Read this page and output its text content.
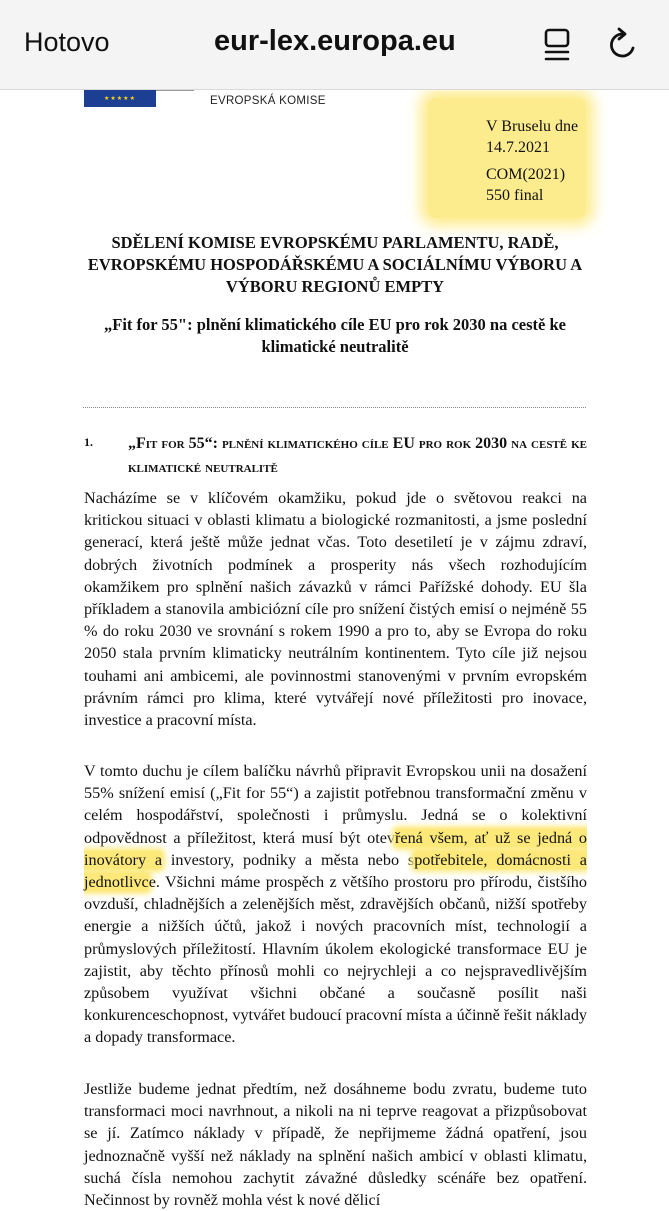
Hotovo	eur-lex.europa.eu
★★★★★	EVROPSKÁ KOMISE
V Bruselu dne
14.7.2021
COM(2021)
550 final
SDĚLENÍ KOMISE EVROPSKÉMU PARLAMENTU, RADĚ, EVROPSKÉMU HOSPODÁŘSKÉMU A SOCIÁLNÍMU VÝBORU A VÝBORU REGIONŮ EMPTY
„Fit for 55": plnění klimatického cíle EU pro rok 2030 na cestě ke klimatické neutralitě
1. „Fit for 55“: plnění klimatického cíle EU pro rok 2030 na cestě ke klimatické neutralitě
Nacházíme se v klíčovém okamžiku, pokud jde o světovou reakci na kritickou situaci v oblasti klimatu a biologické rozmanitosti, a jsme poslední generací, která ještě může jednat včas. Toto desetiletí je v zájmu zdraví, dobrých životních podmínek a prosperity nás všech rozhodujícím okamžikem pro splnění našich závazků v rámci Pařížské dohody. EU šla příkladem a stanovila ambiciózní cíle pro snížení čistých emisí o nejméně 55 % do roku 2030 ve srovnání s rokem 1990 a pro to, aby se Evropa do roku 2050 stala prvním klimaticky neutrálním kontinentem. Tyto cíle již nejsou touhami ani ambicemi, ale povinnostmi stanovenými v prvním evropském právním rámci pro klima, které vytvářejí nové příležitosti pro inovace, investice a pracovní místa.
V tomto duchu je cílem balíčku návrhů připravit Evropskou unii na dosažení 55% snížení emisí („Fit for 55“) a zajistit potřebnou transformační změnu v celém hospodářství, společnosti i průmyslu. Jedná se o kolektivní odpovědnost a příležitost, která musí být otevřená všem, ať už se jedná o inovátory a investory, podniky a města nebo spotřebitele, domácnosti a jednotlivce. Všichni máme prospěch z většího prostoru pro přírodu, čistšího ovzduší, chladnějších a zelenějších měst, zdravějších občanů, nižší spotřeby energie a nižších účtů, jakož i nových pracovních míst, technologií a průmyslových příležitostí. Hlavním úkolem ekologické transformace EU je zajistit, aby těchto přínosů mohli co nejrychleji a co nejspravedlivějším způsobem využívat všichni občané a současně posílit naši konkurenceschopnost, vytvářet budoucí pracovní místa a účinně řešit náklady a dopady transformace.
Jestliže budeme jednat předtím, než dosáhneme bodu zvratu, budeme tuto transformaci moci navrhnout, a nikoli na ni teprve reagovat a přizpůsobovat se jí. Zatímco náklady v případě, že nepřijmeme žádná opatření, jsou jednoznačně vyšší než náklady na splnění našich ambicí v oblasti klimatu, suchá čísla nemohou zachytit závažné důsledky scénáře bez opatření. Nečinnost by rovněž mohla vést k nové dělicí
